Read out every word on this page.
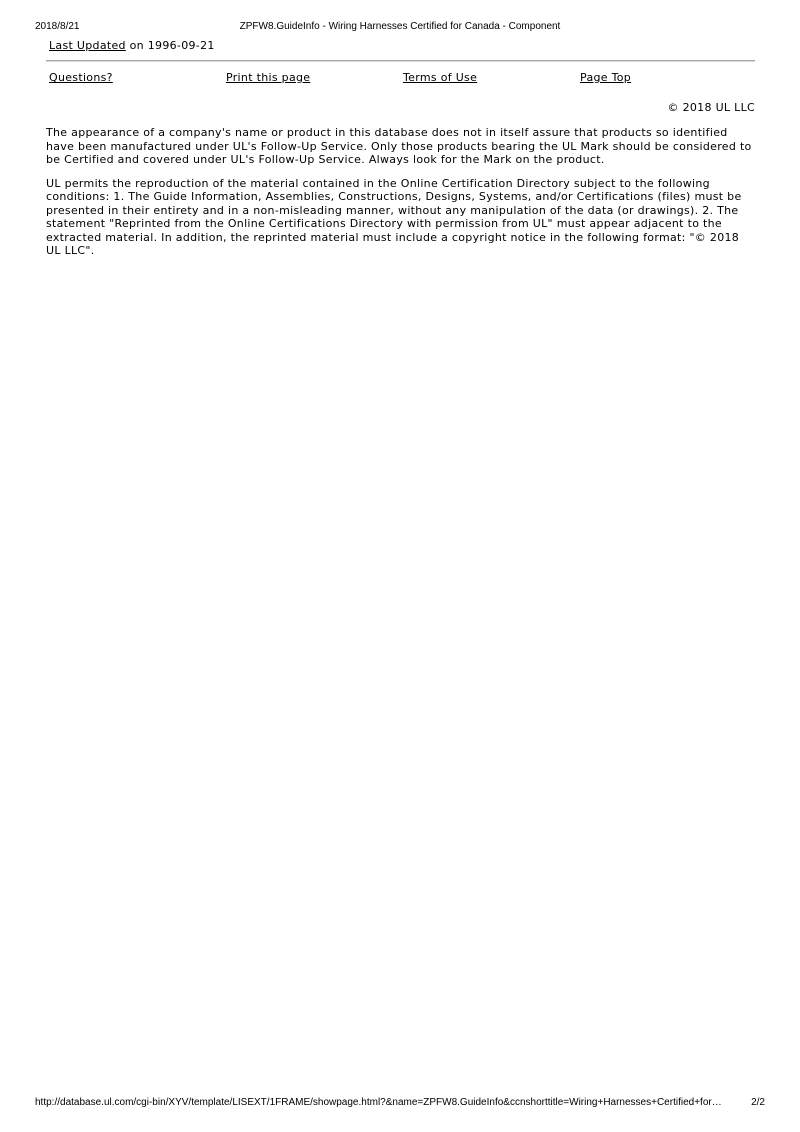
2018/8/21	ZPFW8.GuideInfo - Wiring Harnesses Certified for Canada - Component
Last Updated on 1996-09-21
Questions?	Print this page	Terms of Use	Page Top
© 2018 UL LLC

The appearance of a company's name or product in this database does not in itself assure that products so identified have been manufactured under UL's Follow-Up Service. Only those products bearing the UL Mark should be considered to be Certified and covered under UL's Follow-Up Service. Always look for the Mark on the product.

UL permits the reproduction of the material contained in the Online Certification Directory subject to the following conditions: 1. The Guide Information, Assemblies, Constructions, Designs, Systems, and/or Certifications (files) must be presented in their entirety and in a non-misleading manner, without any manipulation of the data (or drawings). 2. The statement "Reprinted from the Online Certifications Directory with permission from UL" must appear adjacent to the extracted material. In addition, the reprinted material must include a copyright notice in the following format: "© 2018 UL LLC".

http://database.ul.com/cgi-bin/XYV/template/LISEXT/1FRAME/showpage.html?&name=ZPFW8.GuideInfo&ccnshorttitle=Wiring+Harnesses+Certified+for…	2/2
